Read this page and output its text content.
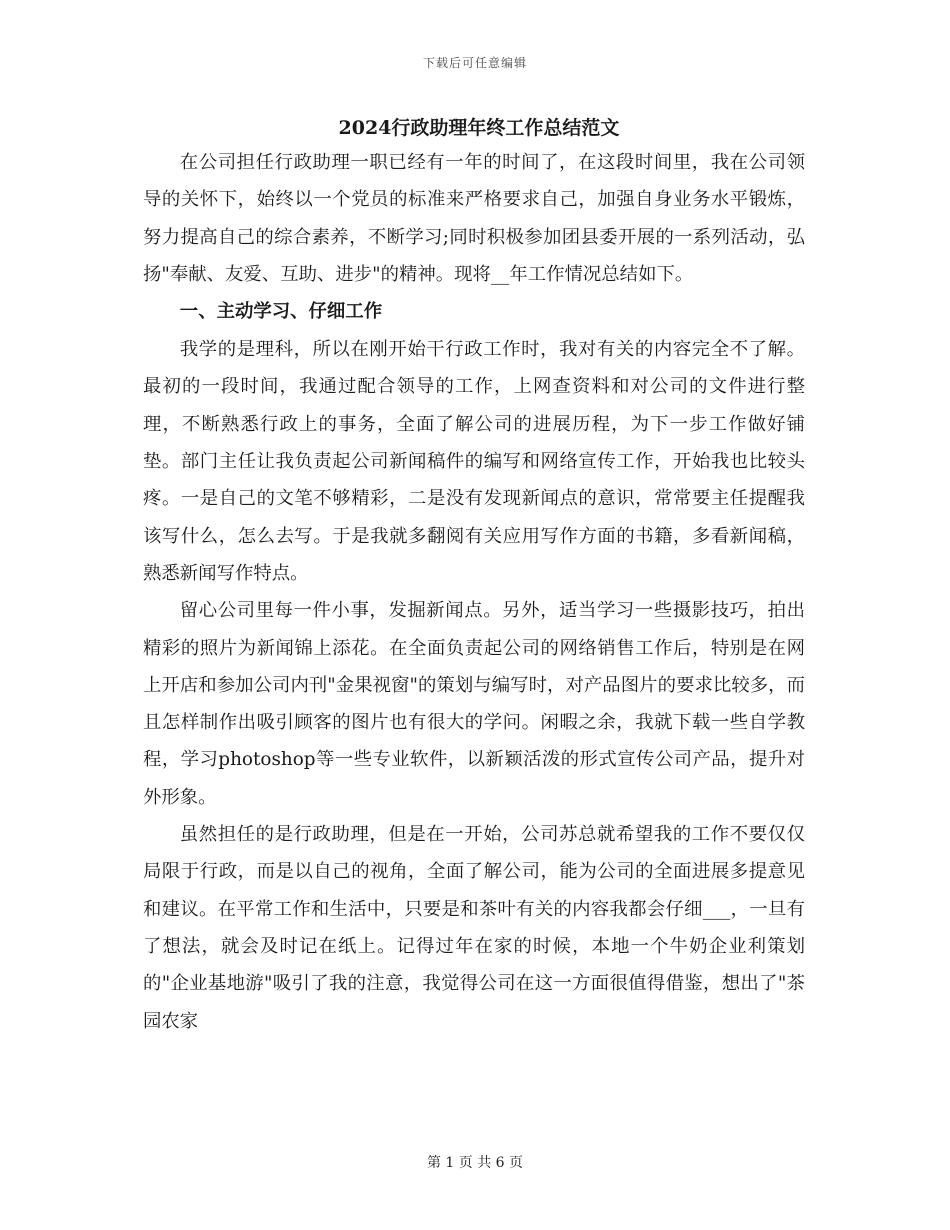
下载后可任意编辑
2024行政助理年终工作总结范文

在公司担任行政助理一职已经有一年的时间了，在这段时间里，我在公司领导的关怀下，始终以一个党员的标准来严格要求自己，加强自身业务水平锻炼，努力提高自己的综合素养，不断学习;同时积极参加团县委开展的一系列活动，弘扬"奉献、友爱、互助、进步"的精神。现将__年工作情况总结如下。

一、主动学习、仔细工作

我学的是理科，所以在刚开始干行政工作时，我对有关的内容完全不了解。最初的一段时间，我通过配合领导的工作，上网查资料和对公司的文件进行整理，不断熟悉行政上的事务，全面了解公司的进展历程，为下一步工作做好铺垫。部门主任让我负责起公司新闻稿件的编写和网络宣传工作，开始我也比较头疼。一是自己的文笔不够精彩，二是没有发现新闻点的意识，常常要主任提醒我该写什么，怎么去写。于是我就多翻阅有关应用写作方面的书籍，多看新闻稿，熟悉新闻写作特点。

留心公司里每一件小事，发掘新闻点。另外，适当学习一些摄影技巧，拍出精彩的照片为新闻锦上添花。在全面负责起公司的网络销售工作后，特别是在网上开店和参加公司内刊"金果视窗"的策划与编写时，对产品图片的要求比较多，而且怎样制作出吸引顾客的图片也有很大的学问。闲暇之余，我就下载一些自学教程，学习photoshop等一些专业软件，以新颖活泼的形式宣传公司产品，提升对外形象。

虽然担任的是行政助理，但是在一开始，公司苏总就希望我的工作不要仅仅局限于行政，而是以自己的视角，全面了解公司，能为公司的全面进展多提意见和建议。在平常工作和生活中，只要是和茶叶有关的内容我都会仔细___，一旦有了想法，就会及时记在纸上。记得过年在家的时候，本地一个牛奶企业利策划的"企业基地游"吸引了我的注意，我觉得公司在这一方面很值得借鉴，想出了"茶园农家

第 1 页 共 6 页
